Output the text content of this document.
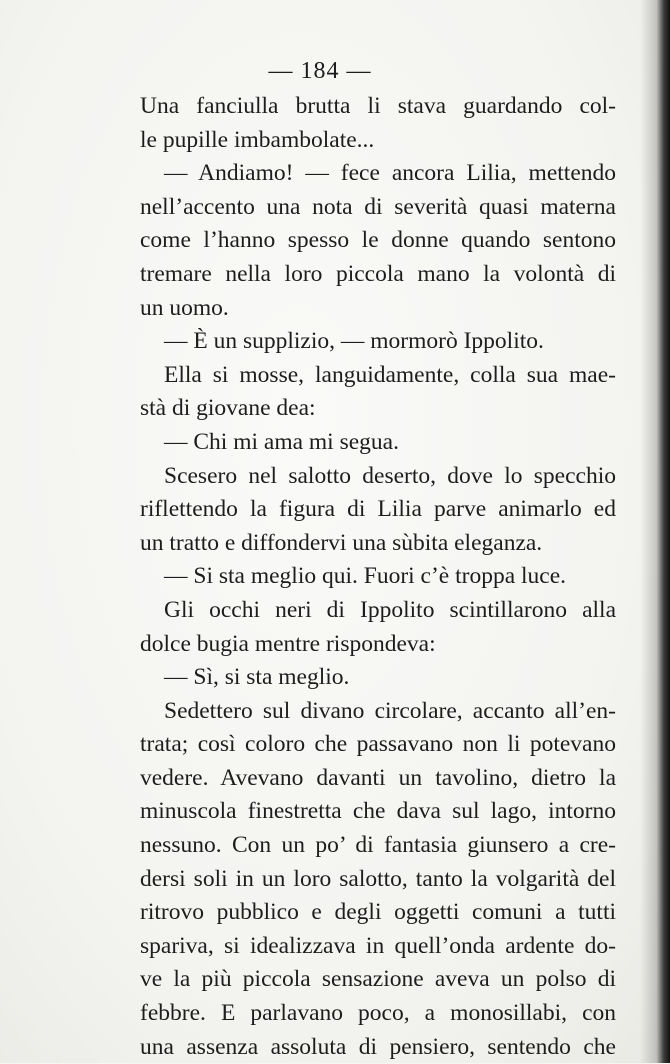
— 184 —
Una fanciulla brutta li stava guardando col-
le pupille imbambolate...
— Andiamo! — fece ancora Lilia, mettendo
nell’accento una nota di severità quasi materna
come l’hanno spesso le donne quando sentono
tremare nella loro piccola mano la volontà di
un uomo.
— È un supplizio, — mormorò Ippolito.
Ella si mosse, languidamente, colla sua mae-
stà di giovane dea:
— Chi mi ama mi segua.
Scesero nel salotto deserto, dove lo specchio
riflettendo la figura di Lilia parve animarlo ed
un tratto e diffondervi una sùbita eleganza.
— Si sta meglio qui. Fuori c’è troppa luce.
Gli occhi neri di Ippolito scintillarono alla
dolce bugia mentre rispondeva:
— Sì, si sta meglio.
Sedettero sul divano circolare, accanto all’en-
trata; così coloro che passavano non li potevano
vedere. Avevano davanti un tavolino, dietro la
minuscola finestretta che dava sul lago, intorno
nessuno. Con un po’ di fantasia giunsero a cre-
dersi soli in un loro salotto, tanto la volgarità del
ritrovo pubblico e degli oggetti comuni a tutti
spariva, si idealizzava in quell’onda ardente do-
ve la più piccola sensazione aveva un polso di
febbre. E parlavano poco, a monosillabi, con
una assenza assoluta di pensiero, sentendo che
